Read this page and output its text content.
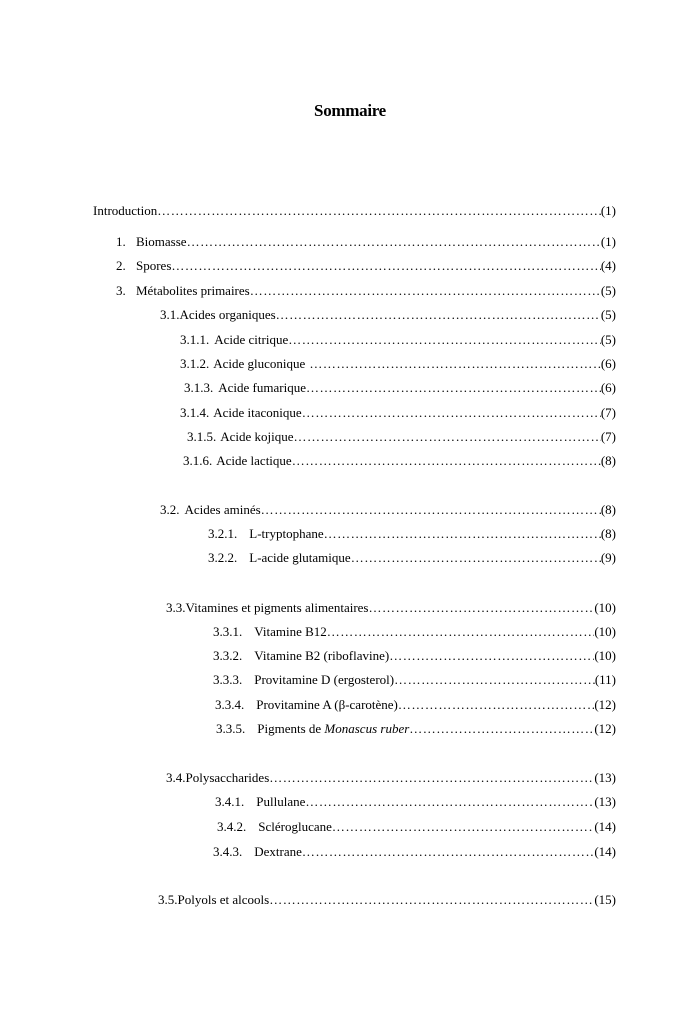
Sommaire
Introduction ……………………………………………………………………………………………………………………………………………………………………………	(1)
1. Biomasse ……………………………………………………………………………………………………………………………………………………………………………	(1)
2. Spores ……………………………………………………………………………………………………………………………………………………………………………	(4)
3. Métabolites primaires ……………………………………………………………………………………………………………………………………………………………………………	(5)
3.1. Acides organiques ……………………………………………………………………………………………………………………………………………………………………………	(5)
3.1.1. Acide citrique ……………………………………………………………………………………………………………………………………………………………………………	(5)
3.1.2. Acide gluconique ……………………………………………………………………………………………………………………………………………………………………………	(6)
3.1.3. Acide fumarique ……………………………………………………………………………………………………………………………………………………………………………	(6)
3.1.4. Acide itaconique ……………………………………………………………………………………………………………………………………………………………………………	(7)
3.1.5. Acide kojique ……………………………………………………………………………………………………………………………………………………………………………	(7)
3.1.6. Acide lactique ……………………………………………………………………………………………………………………………………………………………………………	(8)
3.2. Acides aminés ……………………………………………………………………………………………………………………………………………………………………………	(8)
3.2.1. L-tryptophane ……………………………………………………………………………………………………………………………………………………………………………	(8)
3.2.2. L-acide glutamique ……………………………………………………………………………………………………………………………………………………………………………	(9)
3.3. Vitamines et pigments alimentaires ……………………………………………………………………………………………………………………………………………………………………………	(10)
3.3.1. Vitamine B12 ……………………………………………………………………………………………………………………………………………………………………………	(10)
3.3.2. Vitamine B2 (riboflavine) ……………………………………………………………………………………………………………………………………………………………………………	(10)
3.3.3. Provitamine D (ergosterol) ……………………………………………………………………………………………………………………………………………………………………………	(11)
3.3.4. Provitamine A (β-carotène) ……………………………………………………………………………………………………………………………………………………………………………	(12)
3.3.5. Pigments de Monascus ruber ……………………………………………………………………………………………………………………………………………………………………………	(12)
3.4. Polysaccharides ……………………………………………………………………………………………………………………………………………………………………………	(13)
3.4.1. Pullulane ……………………………………………………………………………………………………………………………………………………………………………	(13)
3.4.2. Scléroglucane ……………………………………………………………………………………………………………………………………………………………………………	(14)
3.4.3. Dextrane ……………………………………………………………………………………………………………………………………………………………………………	(14)
3.5. Polyols et alcools ……………………………………………………………………………………………………………………………………………………………………………	(15)
